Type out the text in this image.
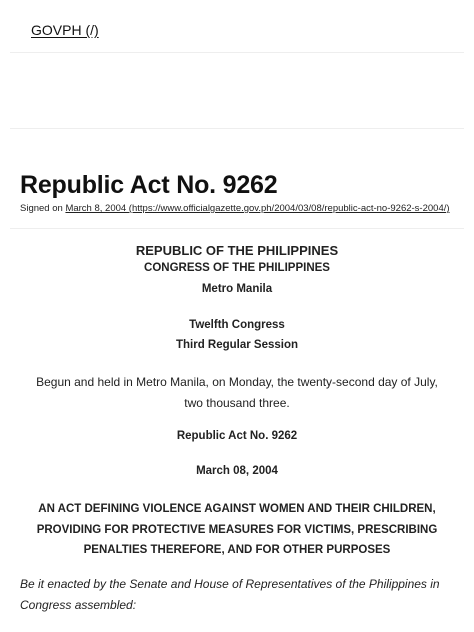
GOVPH (/)
Republic Act No. 9262
Signed on March 8, 2004 (https://www.officialgazette.gov.ph/2004/03/08/republic-act-no-9262-s-2004/)
REPUBLIC OF THE PHILIPPINES
CONGRESS OF THE PHILIPPINES
Metro Manila
Twelfth Congress
Third Regular Session
Begun and held in Metro Manila, on Monday, the twenty-second day of July, two thousand three.
Republic Act No. 9262
March 08, 2004
AN ACT DEFINING VIOLENCE AGAINST WOMEN AND THEIR CHILDREN, PROVIDING FOR PROTECTIVE MEASURES FOR VICTIMS, PRESCRIBING PENALTIES THEREFORE, AND FOR OTHER PURPOSES
Be it enacted by the Senate and House of Representatives of the Philippines in Congress assembled:
